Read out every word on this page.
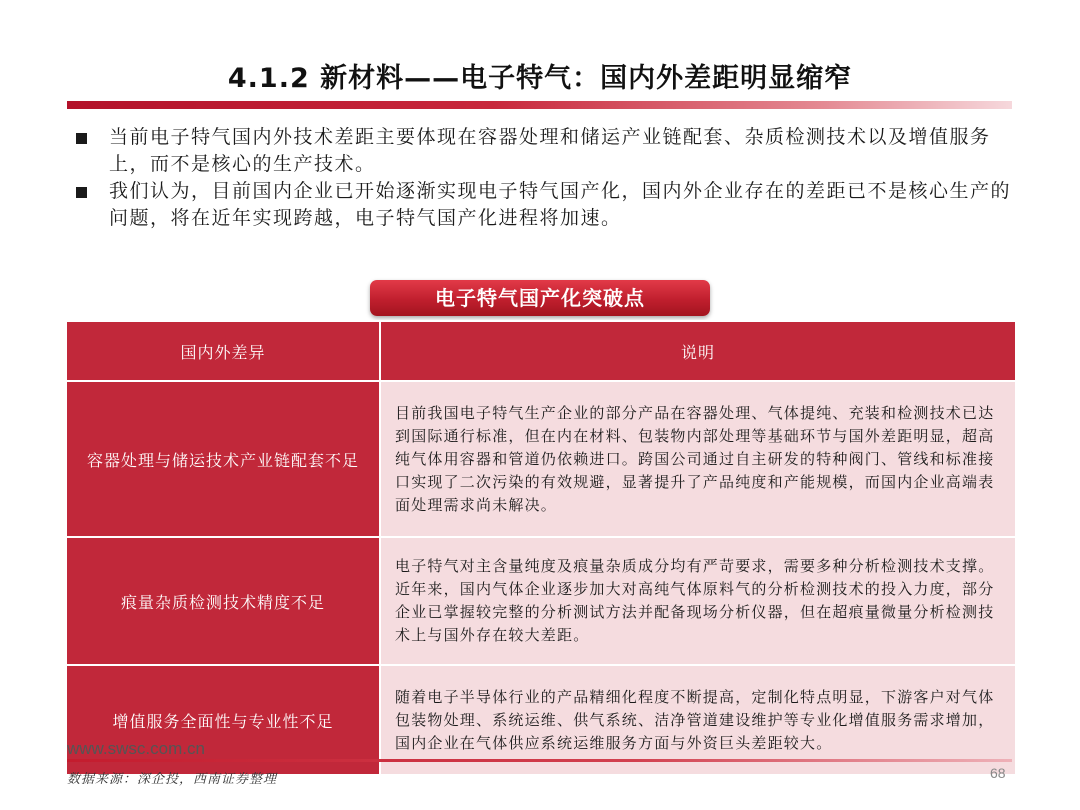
4.1.2 新材料——电子特气：国内外差距明显缩窄
当前电子特气国内外技术差距主要体现在容器处理和储运产业链配套、杂质检测技术以及增值服务上，而不是核心的生产技术。
我们认为，目前国内企业已开始逐渐实现电子特气国产化，国内外企业存在的差距已不是核心生产的问题，将在近年实现跨越，电子特气国产化进程将加速。
电子特气国产化突破点
国内外差异	说明
容器处理与储运技术产业链配套不足	目前我国电子特气生产企业的部分产品在容器处理、气体提纯、充装和检测技术已达到国际通行标准，但在内在材料、包装物内部处理等基础环节与国外差距明显，超高纯气体用容器和管道仍依赖进口。跨国公司通过自主研发的特种阀门、管线和标准接口实现了二次污染的有效规避，显著提升了产品纯度和产能规模，而国内企业高端表面处理需求尚未解决。
痕量杂质检测技术精度不足	电子特气对主含量纯度及痕量杂质成分均有严苛要求，需要多种分析检测技术支撑。近年来，国内气体企业逐步加大对高纯气体原料气的分析检测技术的投入力度，部分企业已掌握较完整的分析测试方法并配备现场分析仪器，但在超痕量微量分析检测技术上与国外存在较大差距。
增值服务全面性与专业性不足	随着电子半导体行业的产品精细化程度不断提高，定制化特点明显，下游客户对气体包装物处理、系统运维、供气系统、洁净管道建设维护等专业化增值服务需求增加，国内企业在气体供应系统运维服务方面与外资巨头差距较大。
www.swsc.com.cn
数据来源：深企投，西南证券整理	68
